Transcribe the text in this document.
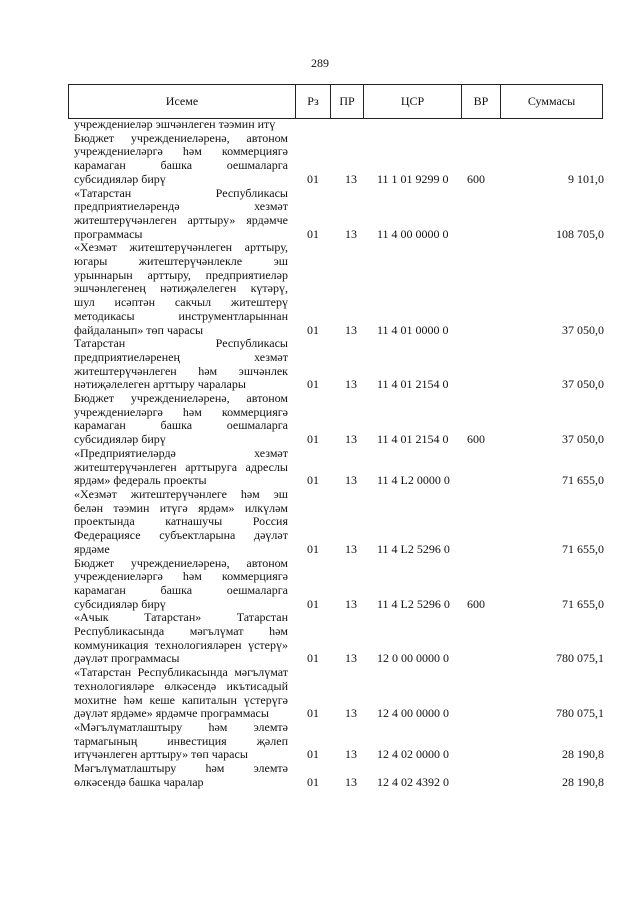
289
Исеме	Рз	ПР	ЦСР	ВР	Суммасы
учреждениеләр эшчәнлеген тәэмин итү
Бюджет учреждениеләренә, автоном
учреждениеләргә һәм коммерциягә
карамаган башка оешмаларга
субсидияләр бирү	01 13 11 1 01 9299 0 600	9 101,0
«Татарстан Республикасы
предприятиеләрендә хезмәт
житештерүчәнлеген арттыру» ярдәмче
программасы	01 13 11 4 00 0000 0	108 705,0
«Хезмәт житештерүчәнлеген арттыру,
югары житештерүчәнлекле эш
урыннарын арттыру, предприятиеләр
эшчәнлегенең нәтиҗәлелеген күтәрү,
шул исәптән сакчыл житештерү
методикасы инструментларыннан
файдаланып» төп чарасы	01 13 11 4 01 0000 0	37 050,0
Татарстан Республикасы
предприятиеләренең хезмәт
житештерүчәнлеген һәм эшчәнлек
нәтиҗәлелеген арттыру чаралары	01 13 11 4 01 2154 0	37 050,0
Бюджет учреждениеләренә, автоном
учреждениеләргә һәм коммерциягә
карамаган башка оешмаларга
субсидияләр бирү	01 13 11 4 01 2154 0 600	37 050,0
«Предприятиеләрдә хезмәт
житештерүчәнлеген арттыруга адреслы
ярдәм» федераль проекты	01 13 11 4 L2 0000 0	71 655,0
«Хезмәт житештерүчәнлеге һәм эш
белән тәэмин итүгә ярдәм» илкүләм
проектында катнашучы Россия
Федерациясе субъектларына дәүләт
ярдәме	01 13 11 4 L2 5296 0	71 655,0
Бюджет учреждениеләренә, автоном
учреждениеләргә һәм коммерциягә
карамаган башка оешмаларга
субсидияләр бирү	01 13 11 4 L2 5296 0 600	71 655,0
«Ачык Татарстан» Татарстан
Республикасында мәгълүмат һәм
коммуникация технологияләрен үстерү»
дәүләт программасы	01 13 12 0 00 0000 0	780 075,1
«Татарстан Республикасында мәгълүмат
технологияләре өлкәсендә икътисадый
мохитне һәм кеше капиталын үстерүгә
дәүләт ярдәме» ярдәмче программасы	01 13 12 4 00 0000 0	780 075,1
«Мәгълүматлаштыру һәм элемтә
тармагының инвестиция җәлеп
итүчәнлеген арттыру» төп чарасы	01 13 12 4 02 0000 0	28 190,8
Мәгълүматлаштыру һәм элемтә
өлкәсендә башка чаралар	01 13 12 4 02 4392 0	28 190,8
